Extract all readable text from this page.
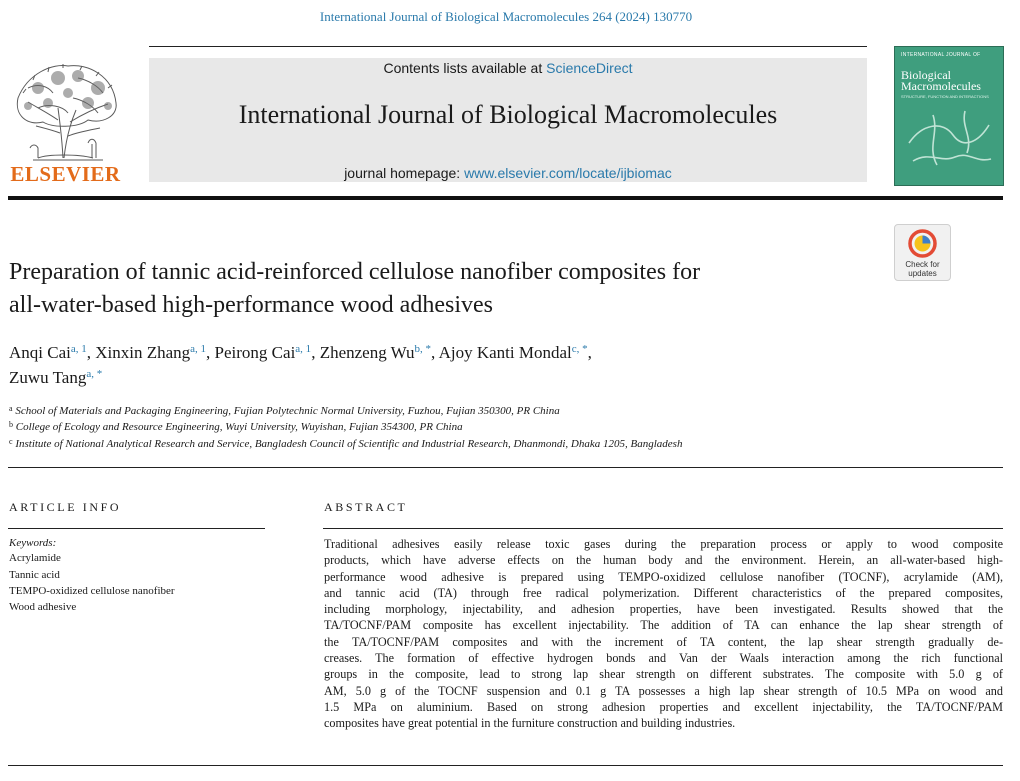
International Journal of Biological Macromolecules 264 (2024) 130770
ELSEVIER
Contents lists available at ScienceDirect
International Journal of Biological Macromolecules
journal homepage: www.elsevier.com/locate/ijbiomac
INTERNATIONAL JOURNAL OF
Biological
Macromolecules
STRUCTURE, FUNCTION AND INTERACTIONS
Check for
updates
Preparation of tannic acid-reinforced cellulose nanofiber composites for
all-water-based high-performance wood adhesives
Anqi Cai$^{a, 1}$, Xinxin Zhang$^{a, 1}$, Peirong Cai$^{a, 1}$, Zhenzeng $Wu^{b, *}$, Ajoy Kanti Mondal$^{c, *}$,
Zuwu Tang$^{a, *}$
$^a$ School of Materials and Packaging Engineering, Fujian Polytechnic Normal University, Fuzhou, Fujian 350300, PR China
$^b$ College of Ecology and Resource Engineering, Wuyi University, Wuyishan, Fujian 354300, PR China
$^c$ Institute of National Analytical Research and Service, Bangladesh Council of Scientific and Industrial Research, Dhanmondi, Dhaka 1205, Bangladesh
ARTICLE INFO
Keywords:
Acrylamide
Tannic acid
TEMPO-oxidized cellulose nanofiber
Wood adhesive
ABSTRACT
Traditional adhesives easily release toxic gases during the preparation process or apply to wood composite
products, which have adverse effects on the human body and the environment. Herein, an all-water-based high-
performance wood adhesive is prepared using TEMPO-oxidized cellulose nanofiber (TOCNF), acrylamide (AM),
and tannic acid (TA) through free radical polymerization. Different characteristics of the prepared composites,
including morphology, injectability, and adhesion properties, have been investigated. Results showed that the
TA/TOCNF/PAM composite has excellent injectability. The addition of TA can enhance the lap shear strength of
the TA/TOCNF/PAM composites and with the increment of TA content, the lap shear strength gradually de-
creases. The formation of effective hydrogen bonds and Van der Waals interaction among the rich functional
groups in the composite, lead to strong lap shear strength on different substrates. The composite with 5.0 g of
AM, 5.0 g of the TOCNF suspension and 0.1 g TA possesses a high lap shear strength of 10.5 MPa on wood and
1.5 MPa on aluminium. Based on strong adhesion properties and excellent injectability, the TA/TOCNF/PAM
composites have great potential in the furniture construction and building industries.
